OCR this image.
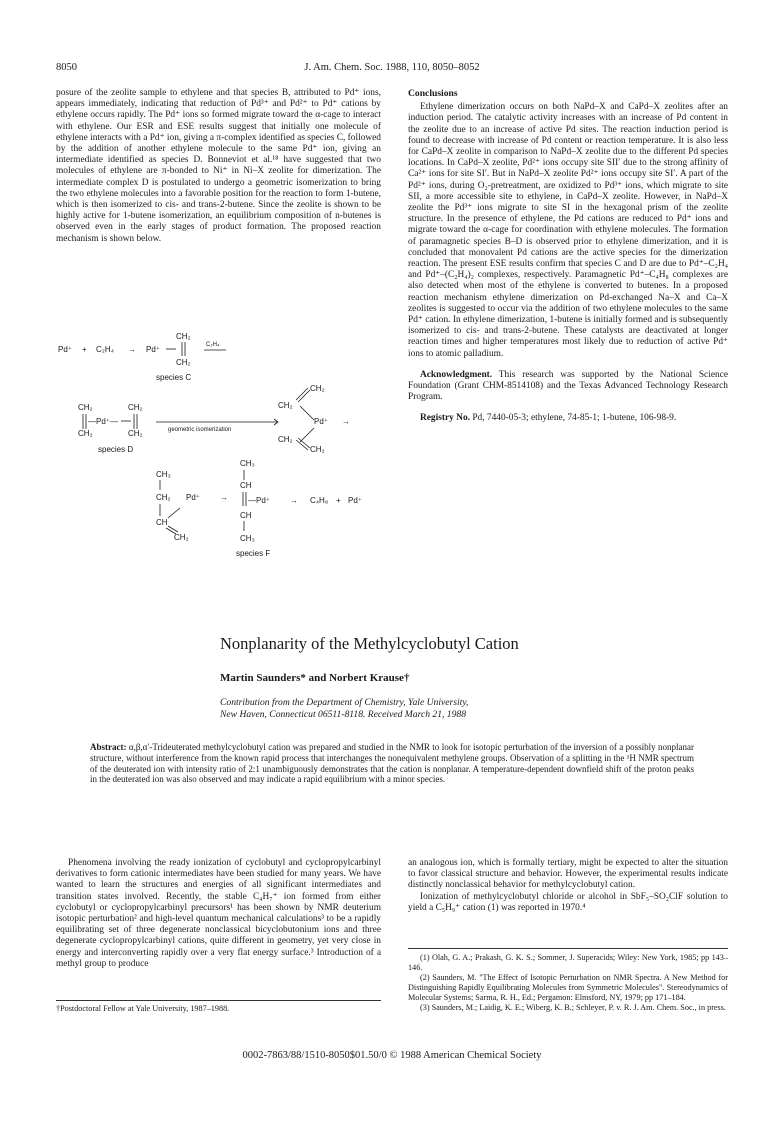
8050	J. Am. Chem. Soc. 1988, 110, 8050–8052

posure of the zeolite sample to ethylene and that species B, attributed to Pd⁺ ions, appears immediately, indicating that reduction of Pd³⁺ and Pd²⁺ to Pd⁺ cations by ethylene occurs rapidly. The Pd⁺ ions so formed migrate toward the α-cage to interact with ethylene. Our ESR and ESE results suggest that initially one molecule of ethylene interacts with a Pd⁺ ion, giving a π-complex identified as species C, followed by the addition of another ethylene molecule to the same Pd⁺ ion, giving an intermediate identified as species D. Bonneviot et al.¹⁸ have suggested that two molecules of ethylene are π-bonded to Ni⁺ in Ni–X zeolite for dimerization. The intermediate complex D is postulated to undergo a geometric isomerization to bring the two ethylene molecules into a favorable position for the reaction to form 1-butene, which is then isomerized to cis- and trans-2-butene. Since the zeolite is shown to be highly active for 1-butene isomerization, an equilibrium composition of n-butenes is observed even in the early stages of product formation. The proposed reaction mechanism is shown below.

Pd⁺ + C₂H₄ → Pd⁺
CH₂
CH₂
C₂H₄
species C
CH₂
CH₂
—Pd⁺—
CH₂
CH₂	geometric isomerization
species D
CH₂
CH₂
Pd⁺
CH₂
CH₂
→
CH₃
CH₂
CH
CH₂
Pd⁺ →
CH₃
CH
—Pd⁺
CH
CH₃
→ C₄H₈ + Pd⁺
species F
Conclusions

Ethylene dimerization occurs on both NaPd–X and CaPd–X zeolites after an induction period. The catalytic activity increases with an increase of Pd content in the zeolite due to an increase of active Pd sites. The reaction induction period is found to decrease with increase of Pd content or reaction temperature. It is also less for CaPd–X zeolite in comparison to NaPd–X zeolite due to the different Pd species locations. In CaPd–X zeolite, Pd²⁺ ions occupy site SII′ due to the strong affinity of Ca²⁺ ions for site SI′. But in NaPd–X zeolite Pd²⁺ ions occupy site SI′. A part of the Pd²⁺ ions, during O₂-pretreatment, are oxidized to Pd³⁺ ions, which migrate to site SII, a more accessible site to ethylene, in CaPd–X zeolite. However, in NaPd–X zeolite the Pd³⁺ ions migrate to site SI in the hexagonal prism of the zeolite structure. In the presence of ethylene, the Pd cations are reduced to Pd⁺ ions and migrate toward the α-cage for coordination with ethylene molecules. The formation of paramagnetic species B–D is observed prior to ethylene dimerization, and it is concluded that monovalent Pd cations are the active species for the dimerization reaction. The present ESE results confirm that species C and D are due to Pd⁺–C₂H₄ and Pd⁺–(C₂H₄)₂ complexes, respectively. Paramagnetic Pd⁺–C₄H₈ complexes are also detected when most of the ethylene is converted to butenes. In a proposed reaction mechanism ethylene dimerization on Pd-exchanged Na–X and Ca–X zeolites is suggested to occur via the addition of two ethylene molecules to the same Pd⁺ cation. In ethylene dimerization, 1-butene is initially formed and is subsequently isomerized to cis- and trans-2-butene. These catalysts are deactivated at longer reaction times and higher temperatures most likely due to reduction of active Pd⁺ ions to atomic palladium.

Acknowledgment. This research was supported by the National Science Foundation (Grant CHM-8514108) and the Texas Advanced Technology Research Program.

Registry No. Pd, 7440-05-3; ethylene, 74-85-1; 1-butene, 106-98-9.

Nonplanarity of the Methylcyclobutyl Cation
Martin Saunders* and Norbert Krause†
Contribution from the Department of Chemistry, Yale University,
New Haven, Connecticut 06511-8118. Received March 21, 1988
Abstract: α,β,α′-Trideuterated methylcyclobutyl cation was prepared and studied in the NMR to look for isotopic perturbation of the inversion of a possibly nonplanar structure, without interference from the known rapid process that interchanges the nonequivalent methylene groups. Observation of a splitting in the ¹H NMR spectrum of the deuterated ion with intensity ratio of 2:1 unambiguously demonstrates that the cation is nonplanar. A temperature-dependent downfield shift of the proton peaks in the deuterated ion was also observed and may indicate a rapid equilibrium with a minor species.

Phenomena involving the ready ionization of cyclobutyl and cyclopropylcarbinyl derivatives to form cationic intermediates have been studied for many years. We have wanted to learn the structures and energies of all significant intermediates and transition states involved. Recently, the stable C₄H₇⁺ ion formed from either cyclobutyl or cyclopropylcarbinyl precursors¹ has been shown by NMR deuterium isotopic perturbation² and high-level quantum mechanical calculations³ to be a rapidly equilibrating set of three degenerate nonclassical bicyclobutonium ions and three degenerate cyclopropylcarbinyl cations, quite different in geometry, yet very close in energy and interconverting rapidly over a very flat energy surface.³ Introduction of a methyl group to produce

an analogous ion, which is formally tertiary, might be expected to alter the situation to favor classical structure and behavior. However, the experimental results indicate distinctly nonclassical behavior for methylcyclobutyl cation.

Ionization of methylcyclobutyl chloride or alcohol in SbF₅–SO₂ClF solution to yield a C₅H₉⁺ cation (1) was reported in 1970.⁴

(1) Olah, G. A.; Prakash, G. K. S.; Sommer, J. Superacids; Wiley: New York, 1985; pp 143–146.

(2) Saunders, M. "The Effect of Isotopic Perturbation on NMR Spectra. A New Method for Distinguishing Rapidly Equilibrating Molecules from Symmetric Molecules". Stereodynamics of Molecular Systems; Sarma, R. H., Ed.; Pergamon: Elmsford, NY, 1979; pp 171–184.

(3) Saunders, M.; Laidig, K. E.; Wiberg, K. B.; Schleyer, P. v. R. J. Am. Chem. Soc., in press.

†Postdoctoral Fellow at Yale University, 1987–1988.
0002-7863/88/1510-8050$01.50/0 © 1988 American Chemical Society
